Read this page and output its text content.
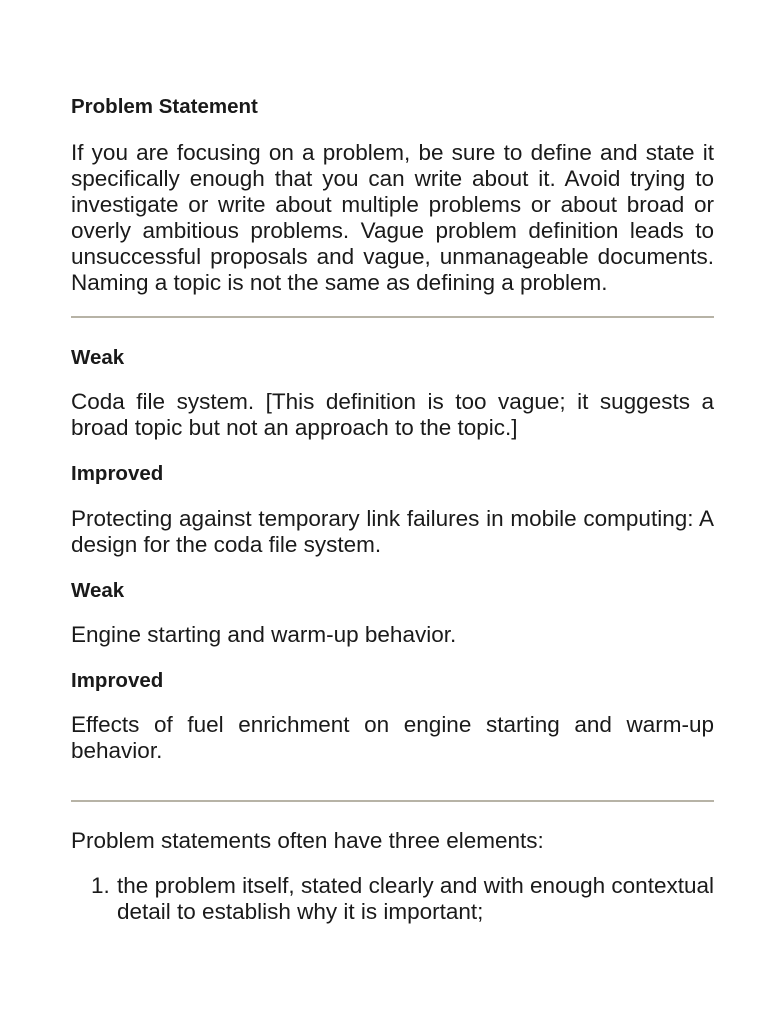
Problem Statement

If you are focusing on a problem, be sure to define and state it specifically enough that you can write about it. Avoid trying to investigate or write about multiple problems or about broad or overly ambitious problems. Vague problem definition leads to unsuccessful proposals and vague, unmanageable documents. Naming a topic is not the same as defining a problem.

Weak

Coda file system. [This definition is too vague; it suggests a broad topic but not an approach to the topic.]

Improved

Protecting against temporary link failures in mobile computing: A design for the coda file system.

Weak

Engine starting and warm-up behavior.

Improved

Effects of fuel enrichment on engine starting and warm-up behavior.

Problem statements often have three elements:

1. the problem itself, stated clearly and with enough contextual detail to establish why it is important;
